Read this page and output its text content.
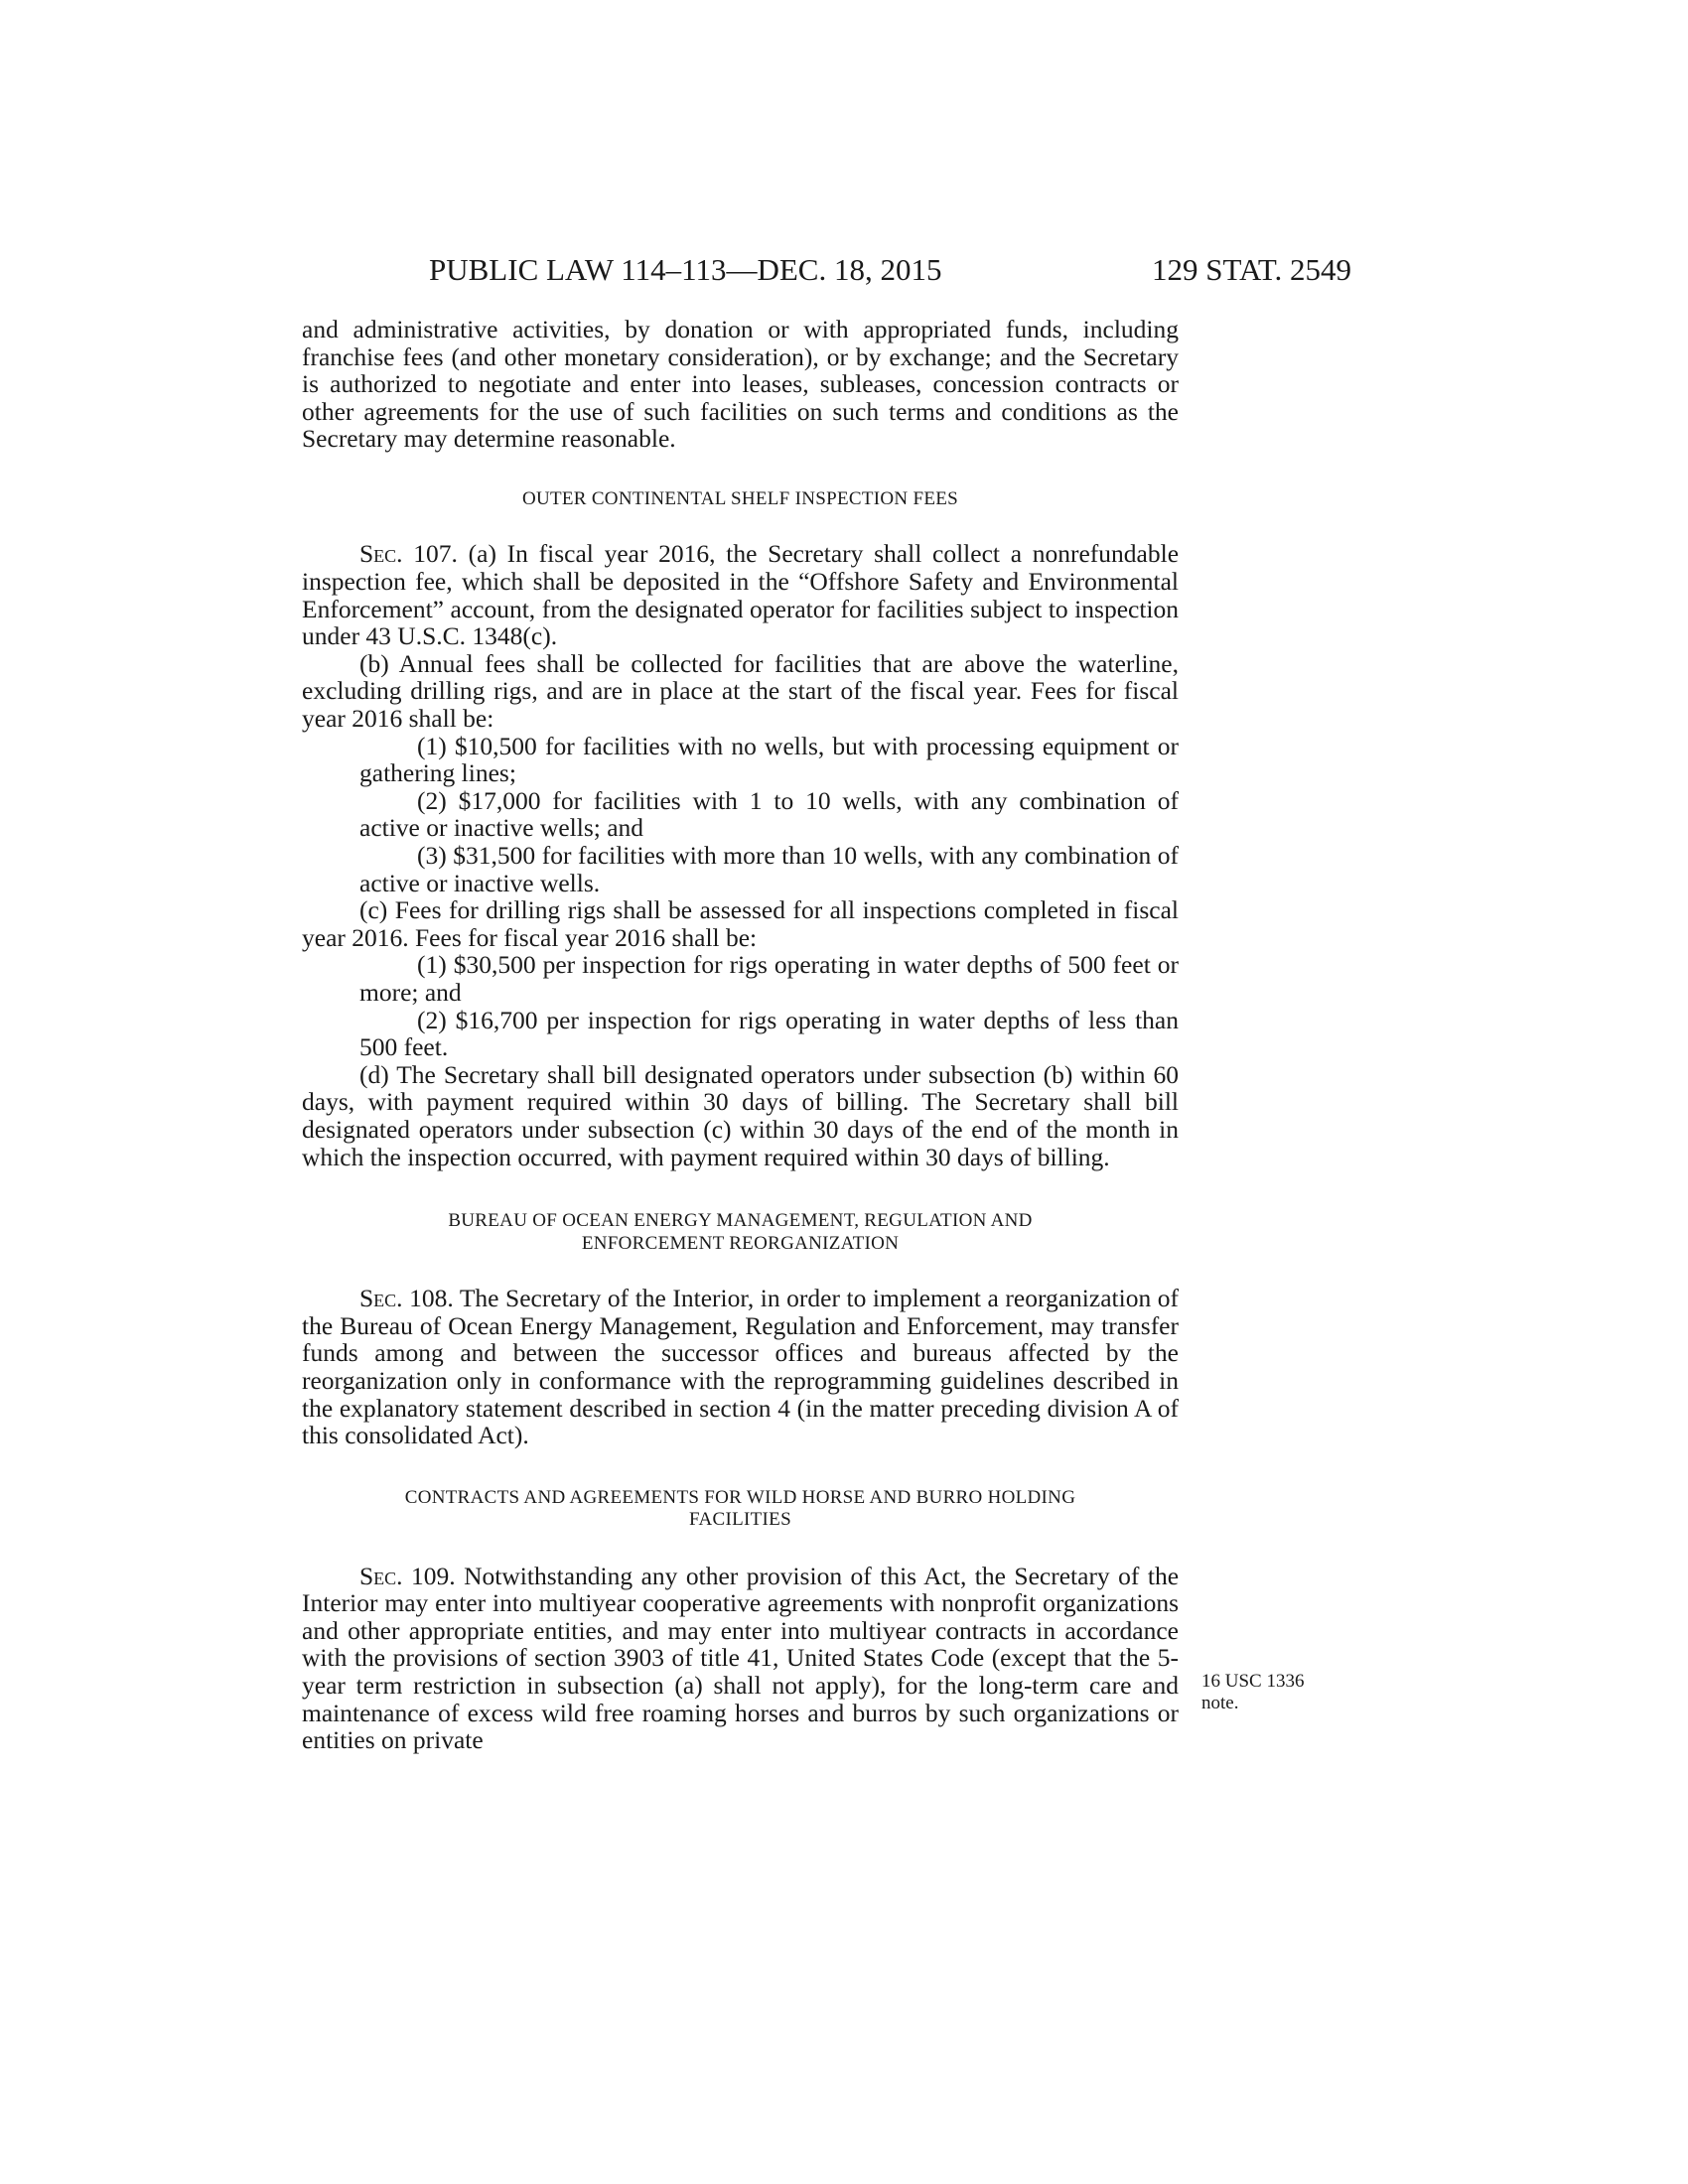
PUBLIC LAW 114–113—DEC. 18, 2015	129 STAT. 2549

and administrative activities, by donation or with appropriated funds, including franchise fees (and other monetary consideration), or by exchange; and the Secretary is authorized to negotiate and enter into leases, subleases, concession contracts or other agreements for the use of such facilities on such terms and conditions as the Secretary may determine reasonable.

OUTER CONTINENTAL SHELF INSPECTION FEES

Sec. 107. (a) In fiscal year 2016, the Secretary shall collect a nonrefundable inspection fee, which shall be deposited in the “Offshore Safety and Environmental Enforcement” account, from the designated operator for facilities subject to inspection under 43 U.S.C. 1348(c).

(b) Annual fees shall be collected for facilities that are above the waterline, excluding drilling rigs, and are in place at the start of the fiscal year. Fees for fiscal year 2016 shall be:

(1) $10,500 for facilities with no wells, but with processing equipment or gathering lines;

(2) $17,000 for facilities with 1 to 10 wells, with any combination of active or inactive wells; and

(3) $31,500 for facilities with more than 10 wells, with any combination of active or inactive wells.

(c) Fees for drilling rigs shall be assessed for all inspections completed in fiscal year 2016. Fees for fiscal year 2016 shall be:

(1) $30,500 per inspection for rigs operating in water depths of 500 feet or more; and

(2) $16,700 per inspection for rigs operating in water depths of less than 500 feet.

(d) The Secretary shall bill designated operators under subsection (b) within 60 days, with payment required within 30 days of billing. The Secretary shall bill designated operators under subsection (c) within 30 days of the end of the month in which the inspection occurred, with payment required within 30 days of billing.

BUREAU OF OCEAN ENERGY MANAGEMENT, REGULATION AND
ENFORCEMENT REORGANIZATION

Sec. 108. The Secretary of the Interior, in order to implement a reorganization of the Bureau of Ocean Energy Management, Regulation and Enforcement, may transfer funds among and between the successor offices and bureaus affected by the reorganization only in conformance with the reprogramming guidelines described in the explanatory statement described in section 4 (in the matter preceding division A of this consolidated Act).

CONTRACTS AND AGREEMENTS FOR WILD HORSE AND BURRO HOLDING
FACILITIES

Sec. 109. Notwithstanding any other provision of this Act, the Secretary of the Interior may enter into multiyear cooperative agreements with nonprofit organizations and other appropriate entities, and may enter into multiyear contracts in accordance with the provisions of section 3903 of title 41, United States Code (except that the 5-year term restriction in subsection (a) shall not apply), for the long-term care and maintenance of excess wild free roaming horses and burros by such organizations or entities on private

16 USC 1336
note.
